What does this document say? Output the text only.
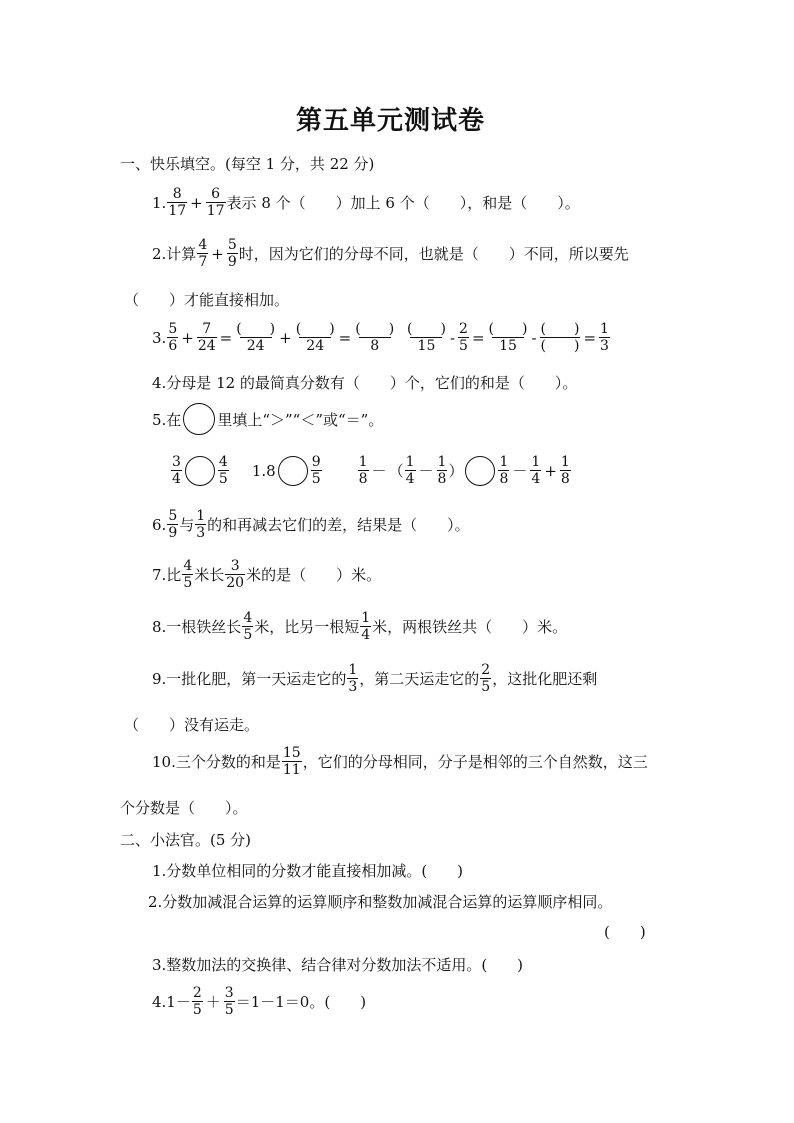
第五单元测试卷
一、快乐填空。(每空 1 分，共 22 分)
1. $\frac{8}{17} + \frac{6}{17}$ 表示 8 个（　　）加上 6 个（　　），和是（　　）。
2.计算 $\frac{4}{7} + \frac{5}{9}$ 时，因为它们的分母不同，也就是（　　）不同，所以要先
（　　）才能直接相加。
3. $\frac{5}{6} + \frac{7}{24} = \frac{( )}{24} + \frac{( )}{24} = \frac{( )}{8} \frac{( )}{15} - \frac{2}{5} = \frac{( )}{15} - \frac{( )}{( )} = \frac{1}{3}$
4.分母是 12 的最简真分数有（　　）个，它们的和是（　　）。
5.在 里填上“＞”“＜”或“＝”。
$\frac{3}{4}$	$\frac{4}{5} 1.8$	$\frac{9}{5}$	$\frac{1}{8}$ － （ $\frac{1}{4} - \frac{1}{8}$ ）	$\frac{1}{8} - \frac{1}{4} + \frac{1}{8}$
6. $\frac{5}{9}$ 与 $\frac{1}{3}$ 的和再减去它们的差，结果是（　　）。
7.比 $\frac{4}{5}$ 米长 $\frac{3}{20}$ 米的是（　　）米。
8.一根铁丝长 $\frac{4}{5}$ 米，比另一根短 $\frac{1}{4}$ 米，两根铁丝共（　　）米。
9.一批化肥，第一天运走它的 $\frac{1}{3}$ ，第二天运走它的 $\frac{2}{5}$ ，这批化肥还剩
（　　）没有运走。
10.三个分数的和是 $\frac{15}{11}$ ，它们的分母相同，分子是相邻的三个自然数，这三
个分数是（　　）。
二、小法官。(5 分)
1.分数单位相同的分数才能直接相加减。(　　)
2.分数加减混合运算的运算顺序和整数加减混合运算的运算顺序相同。
(　　)
3.整数加法的交换律、结合律对分数加法不适用。(　　)
$4.1- \frac{2}{5} + \frac{3}{5} =1-1=0$。(　　)
